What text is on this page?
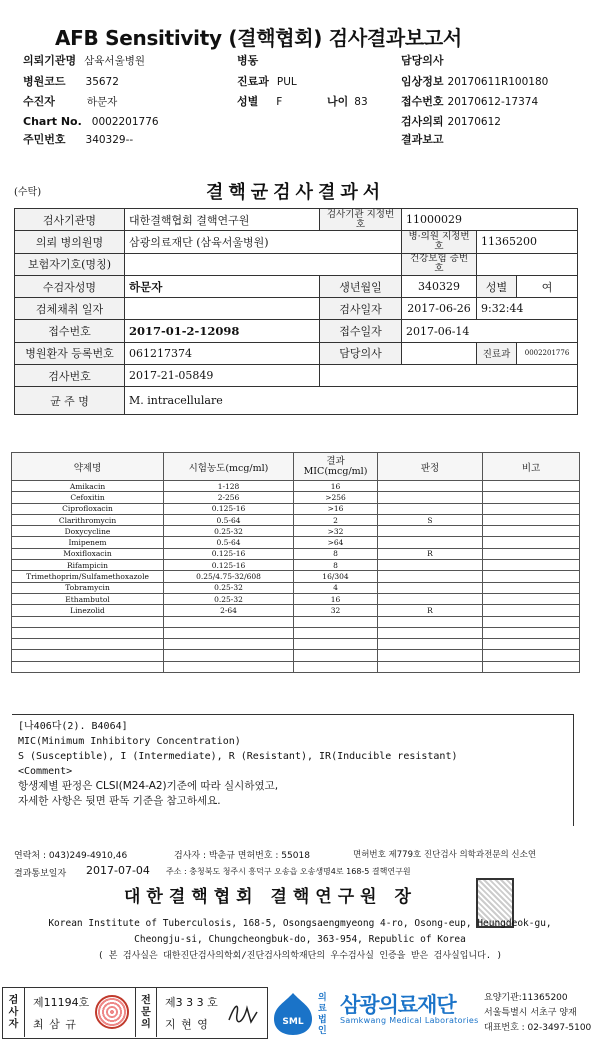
AFB Sensitivity (결핵협회) 검사결과보고서
의뢰기관명 삼육서울병원	병동	담당의사
병원코드 35672	진료과 PUL	임상정보 20170611R100180
수진자	하문자	성별 F	나이 83	접수번호 20170612-17374
Chart No. 0002201776	검사의뢰 20170612
주민번호 340329--	결과보고
(수탁)	결핵균검사결과서
검사기관명	대한결핵협회 결핵연구원	검사기관 지정번호	11000029		
의뢰 병의원명	삼광의료재단 (삼육서울병원)		병·의원 지정번호	11365200	
보험자기호(명칭)			건강보험 증번호		
수검자성명	하문자	생년월일	340329	성별	여
검체채취 일자		검사일자	2017-06-26	9:32:44	
접수번호	2017-01-2-12098	접수일자	2017-06-14		
병원환자 등록번호	061217374	담당의사		진료과	0002201776
검사번호	2017-21-05849				
균 주 명	M. intracellulare				
약제명	시험농도(mcg/ml)	결과 MIC(mcg/ml)	판정	비고
Amikacin	1-128	16		
Cefoxitin	2-256	>256		
Ciprofloxacin	0.125-16	>16		
Clarithromycin	0.5-64	2	S	
Doxycycline	0.25-32	>32		
Imipenem	0.5-64	>64		
Moxifloxacin	0.125-16	8	R	
Rifampicin	0.125-16	8		
Trimethoprim/Sulfamethoxazole	0.25/4.75-32/608	16/304		
Tobramycin	0.25-32	4		
Ethambutol	0.25-32	16		
Linezolid	2-64	32	R	

[나406다(2). B4064]
MIC(Minimum Inhibitory Concentration)
S (Susceptible), I (Intermediate), R (Resistant), IR(Inducible resistant)
<Comment>
항생제별 판정은 CLSI(M24-A2)기준에 따라 실시하였고,
자세한 사항은 뒷면 판독 기준을 참고하세요.
연락처 : 043)249-4910,46	검사자 : 박춘규 면허번호 : 55018	면허번호 제779호 진단검사 의학과전문의 신소연
결과통보일자 2017-07-04 주소 : 충청북도 청주시 흥덕구 오송읍 오송생명4로 168-5 결핵연구원
대한결핵협회 결핵연구원 장
Korean Institute of Tuberculosis, 168-5, Osongsaengmyeong 4-ro, Osong-eup, Heungdeok-gu,
Cheongju-si, Chungcheongbuk-do, 363-954, Republic of Korea
( 본 검사실은 대한진단검사의학회/진단검사의학재단의 우수검사실 인증을 받은 검사실입니다. )
검사자
제11194호
최 삼 규
전문의
제3 3 3 호
지 현 영	SML
의료법인
삼광의료재단
Samkwang Medical Laboratories
요양기관:11365200
서울특별시 서초구 양재
대표번호 : 02-3497-5100
